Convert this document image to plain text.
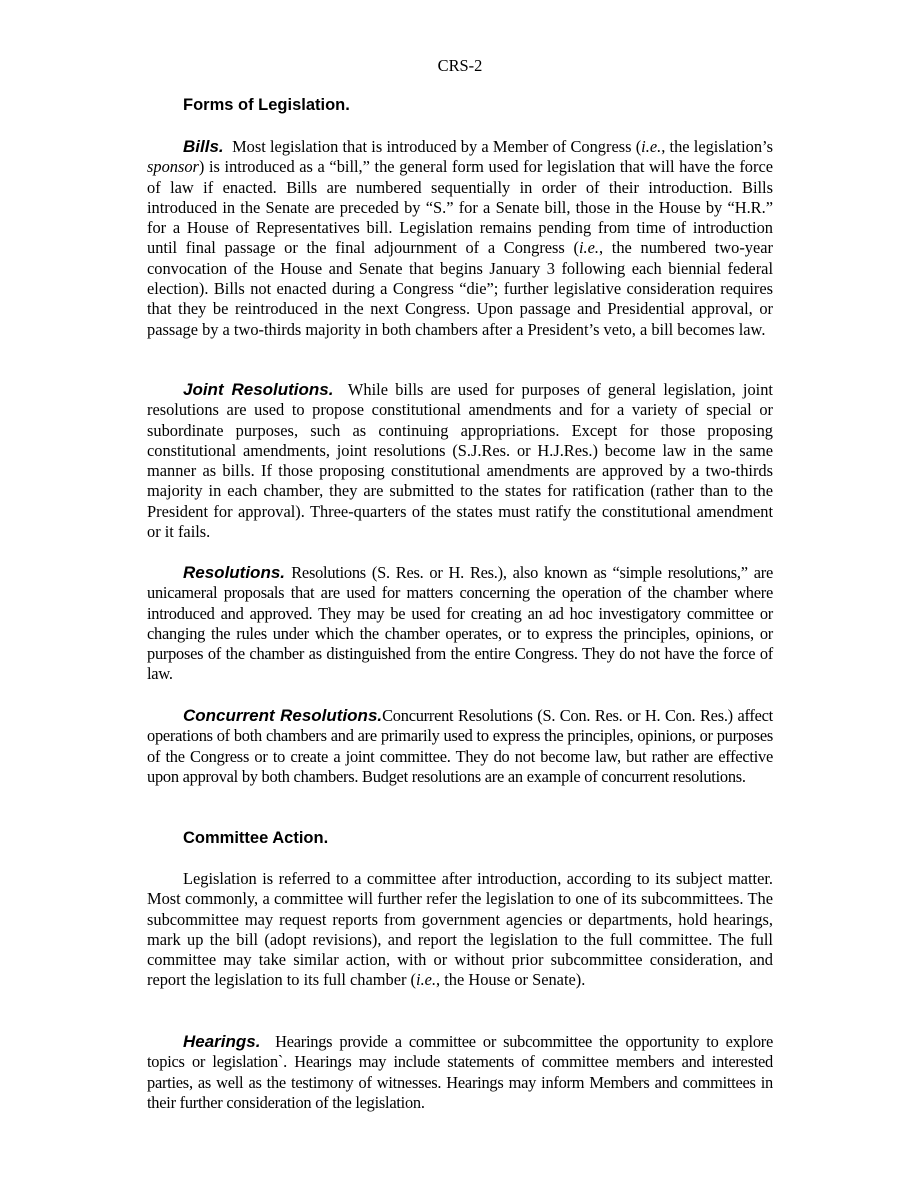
CRS-2
Forms of Legislation.

Bills. Most legislation that is introduced by a Member of Congress (i.e., the legislation’s sponsor) is introduced as a “bill,” the general form used for legislation that will have the force of law if enacted. Bills are numbered sequentially in order of their introduction. Bills introduced in the Senate are preceded by “S.” for a Senate bill, those in the House by “H.R.” for a House of Representatives bill. Legislation remains pending from time of introduction until final passage or the final adjournment of a Congress (i.e., the numbered two-year convocation of the House and Senate that begins January 3 following each biennial federal election). Bills not enacted during a Congress “die”; further legislative consideration requires that they be reintroduced in the next Congress. Upon passage and Presidential approval, or passage by a two-thirds majority in both chambers after a President’s veto, a bill becomes law.

Joint Resolutions. While bills are used for purposes of general legislation, joint resolutions are used to propose constitutional amendments and for a variety of special or subordinate purposes, such as continuing appropriations. Except for those proposing constitutional amendments, joint resolutions (S.J.Res. or H.J.Res.) become law in the same manner as bills. If those proposing constitutional amendments are approved by a two-thirds majority in each chamber, they are submitted to the states for ratification (rather than to the President for approval). Three-quarters of the states must ratify the constitutional amendment or it fails.

Resolutions. Resolutions (S. Res. or H. Res.), also known as “simple resolutions,” are unicameral proposals that are used for matters concerning the operation of the chamber where introduced and approved. They may be used for creating an ad hoc investigatory committee or changing the rules under which the chamber operates, or to express the principles, opinions, or purposes of the chamber as distinguished from the entire Congress. They do not have the force of law.

Concurrent Resolutions.Concurrent Resolutions (S. Con. Res. or H. Con. Res.) affect operations of both chambers and are primarily used to express the principles, opinions, or purposes of the Congress or to create a joint committee. They do not become law, but rather are effective upon approval by both chambers. Budget resolutions are an example of concurrent resolutions.

Committee Action.

Legislation is referred to a committee after introduction, according to its subject matter. Most commonly, a committee will further refer the legislation to one of its subcommittees. The subcommittee may request reports from government agencies or departments, hold hearings, mark up the bill (adopt revisions), and report the legislation to the full committee. The full committee may take similar action, with or without prior subcommittee consideration, and report the legislation to its full chamber (i.e., the House or Senate).

Hearings. Hearings provide a committee or subcommittee the opportunity to explore topics or legislation`. Hearings may include statements of committee members and interested parties, as well as the testimony of witnesses. Hearings may inform Members and committees in their further consideration of the legislation.
